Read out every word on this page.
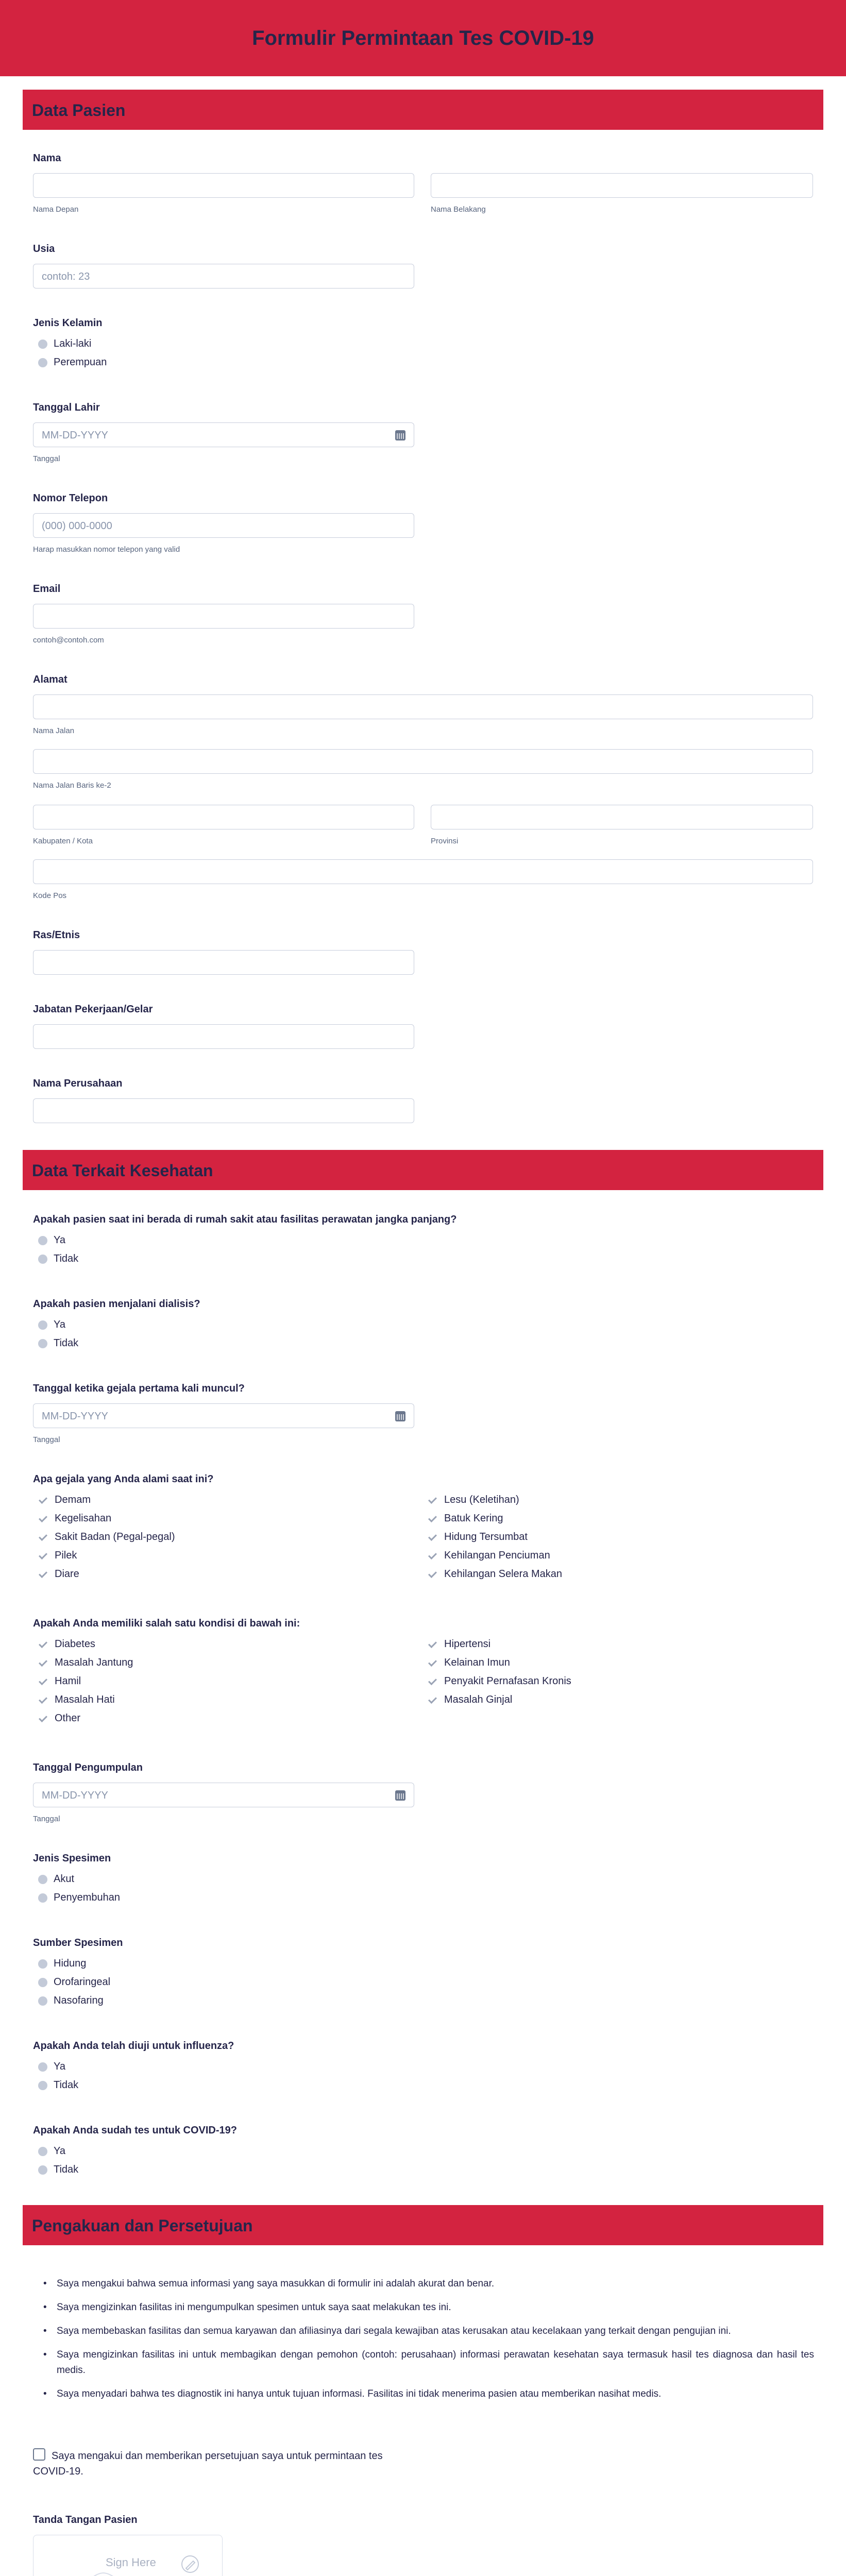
Formulir Permintaan Tes COVID-19
Data Pasien
Nama
Nama Depan	Nama Belakang
Usia
contoh: 23
Jenis Kelamin
Laki-laki
Perempuan
Tanggal Lahir
MM-DD-YYYY
Tanggal
Nomor Telepon
(000) 000-0000
Harap masukkan nomor telepon yang valid
Email
contoh@contoh.com
Alamat
Nama Jalan
Nama Jalan Baris ke-2
Kabupaten / Kota	Provinsi
Kode Pos
Ras/Etnis
Jabatan Pekerjaan/Gelar
Nama Perusahaan
Data Terkait Kesehatan
Apakah pasien saat ini berada di rumah sakit atau fasilitas perawatan jangka panjang?
Ya
Tidak
Apakah pasien menjalani dialisis?
Ya
Tidak
Tanggal ketika gejala pertama kali muncul?
MM-DD-YYYY
Tanggal
Apa gejala yang Anda alami saat ini?
Demam
Kegelisahan
Sakit Badan (Pegal-pegal)
Pilek
Diare
Lesu (Keletihan)
Batuk Kering
Hidung Tersumbat
Kehilangan Penciuman
Kehilangan Selera Makan
Apakah Anda memiliki salah satu kondisi di bawah ini:
Diabetes
Masalah Jantung
Hamil
Masalah Hati
Other
Hipertensi
Kelainan Imun
Penyakit Pernafasan Kronis
Masalah Ginjal
Tanggal Pengumpulan
MM-DD-YYYY
Tanggal
Jenis Spesimen
Akut
Penyembuhan
Sumber Spesimen
Hidung
Orofaringeal
Nasofaring
Apakah Anda telah diuji untuk influenza?
Ya
Tidak
Apakah Anda sudah tes untuk COVID-19?
Ya
Tidak
Pengakuan dan Persetujuan
• Saya mengakui bahwa semua informasi yang saya masukkan di formulir ini adalah akurat dan benar.
• Saya mengizinkan fasilitas ini mengumpulkan spesimen untuk saya saat melakukan tes ini.
• Saya membebaskan fasilitas dan semua karyawan dan afiliasinya dari segala kewajiban atas kerusakan atau kecelakaan yang terkait dengan pengujian ini.
• Saya mengizinkan fasilitas ini untuk membagikan dengan pemohon (contoh: perusahaan) informasi perawatan kesehatan saya termasuk hasil tes diagnosa dan hasil tes medis.
• Saya menyadari bahwa tes diagnostik ini hanya untuk tujuan informasi. Fasilitas ini tidak menerima pasien atau memberikan nasihat medis.
Saya mengakui dan memberikan persetujuan saya untuk permintaan tes COVID-19.
Tanda Tangan Pasien
Sign Here
